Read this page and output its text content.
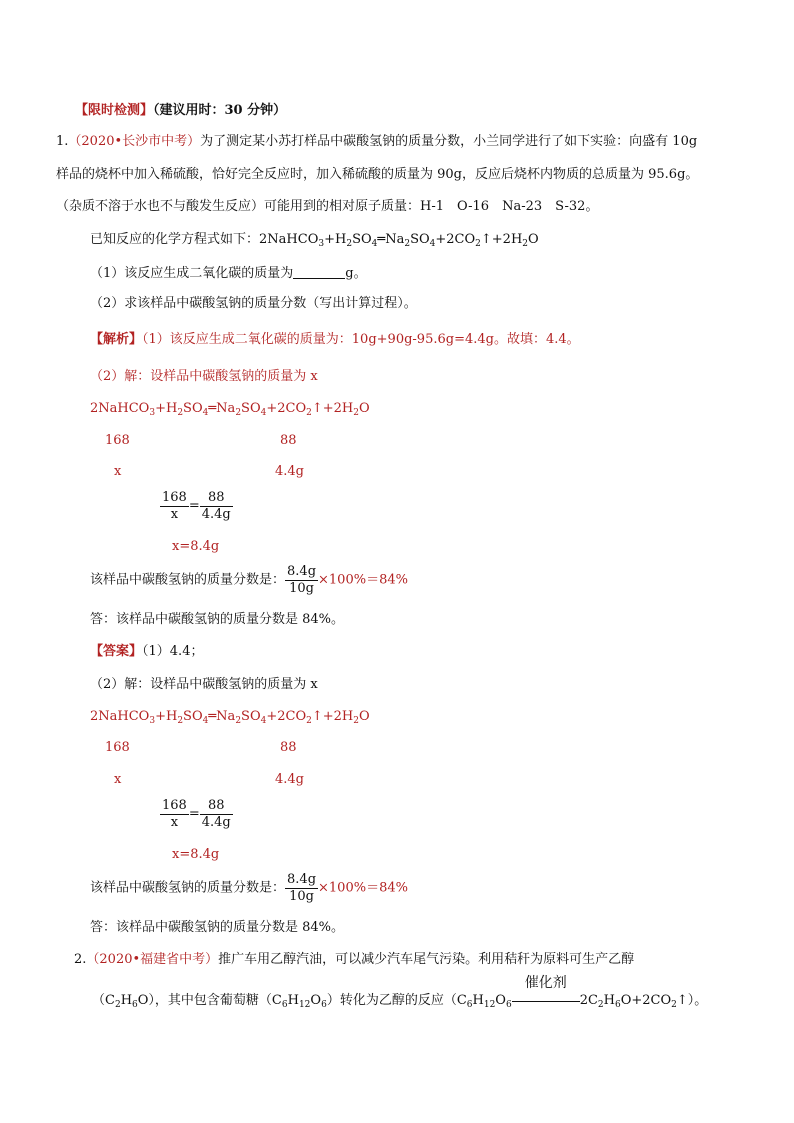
【限时检测】（建议用时：30 分钟）
1.（2020•长沙市中考）为了测定某小苏打样品中碳酸氢钠的质量分数，小兰同学进行了如下实验：向盛有 10g
样品的烧杯中加入稀硫酸，恰好完全反应时，加入稀硫酸的质量为 90g，反应后烧杯内物质的总质量为 95.6g。
（杂质不溶于水也不与酸发生反应）可能用到的相对原子质量：H-1　O-16　Na-23　S-32。
已知反应的化学方程式如下：$2NaHCO_3+H_2SO_4═Na_2SO_4+2CO_2↑+2H_2O$
（1）该反应生成二氧化碳的质量为	g。
（2）求该样品中碳酸氢钠的质量分数（写出计算过程）。
【解析】（1）该反应生成二氧化碳的质量为：10g+90g-95.6g=4.4g。故填：4.4。
（2）解：设样品中碳酸氢钠的质量为 x
$2NaHCO_3+H_2SO_4═Na_2SO_4+2CO_2↑+2H_2O$
168	88
x	4.4g
$\frac{168}{x} = \frac{88}{4.4g}$
x=8.4g
该样品中碳酸氢钠的质量分数是： $\frac{8.4g}{10g} \times 100\%=84\%$
答：该样品中碳酸氢钠的质量分数是 84%。
【答案】（1）4.4；
（2）解：设样品中碳酸氢钠的质量为 x
$2NaHCO_3+H_2SO_4═Na_2SO_4+2CO_2↑+2H_2O$
168	88
x	4.4g
$\frac{168}{x} = \frac{88}{4.4g}$
x=8.4g
该样品中碳酸氢钠的质量分数是： $\frac{8.4g}{10g} \times 100\%=84\%$
答：该样品中碳酸氢钠的质量分数是 84%。
2.（2020•福建省中考）推广车用乙醇汽油，可以减少汽车尾气污染。利用秸秆为原料可生产乙醇
$(C_2H_6O)$，其中包含葡萄糖$(C_6H_{12}O_6)$转化为乙醇的反应（$C_6H_{12}O_6$
催化剂
$2C_2H_6O+2CO_2↑$）。
